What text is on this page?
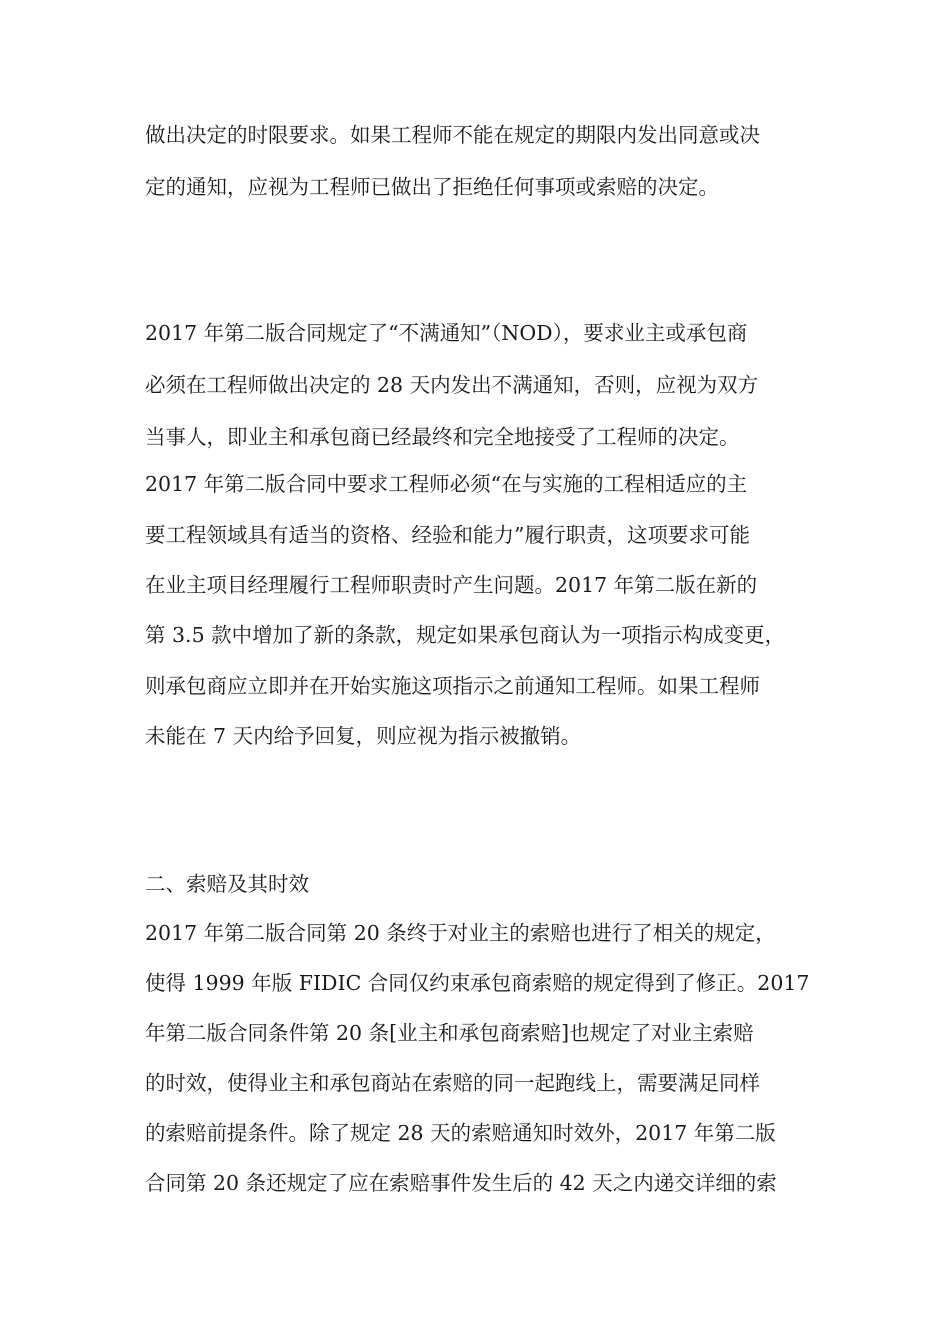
做出决定的时限要求。如果工程师不能在规定的期限内发出同意或决
定的通知，应视为工程师已做出了拒绝任何事项或索赔的决定。
2017 年第二版合同规定了“不满通知”（NOD），要求业主或承包商
必须在工程师做出决定的 28 天内发出不满通知，否则，应视为双方
当事人，即业主和承包商已经最终和完全地接受了工程师的决定。
2017 年第二版合同中要求工程师必须“在与实施的工程相适应的主
要工程领域具有适当的资格、经验和能力”履行职责，这项要求可能
在业主项目经理履行工程师职责时产生问题。2017 年第二版在新的
第 3.5 款中增加了新的条款，规定如果承包商认为一项指示构成变更，
则承包商应立即并在开始实施这项指示之前通知工程师。如果工程师
未能在 7 天内给予回复，则应视为指示被撤销。
二、索赔及其时效
2017 年第二版合同第 20 条终于对业主的索赔也进行了相关的规定，
使得 1999 年版 FIDIC 合同仅约束承包商索赔的规定得到了修正。2017
年第二版合同条件第 20 条[业主和承包商索赔]也规定了对业主索赔
的时效，使得业主和承包商站在索赔的同一起跑线上，需要满足同样
的索赔前提条件。除了规定 28 天的索赔通知时效外，2017 年第二版
合同第 20 条还规定了应在索赔事件发生后的 42 天之内递交详细的索
